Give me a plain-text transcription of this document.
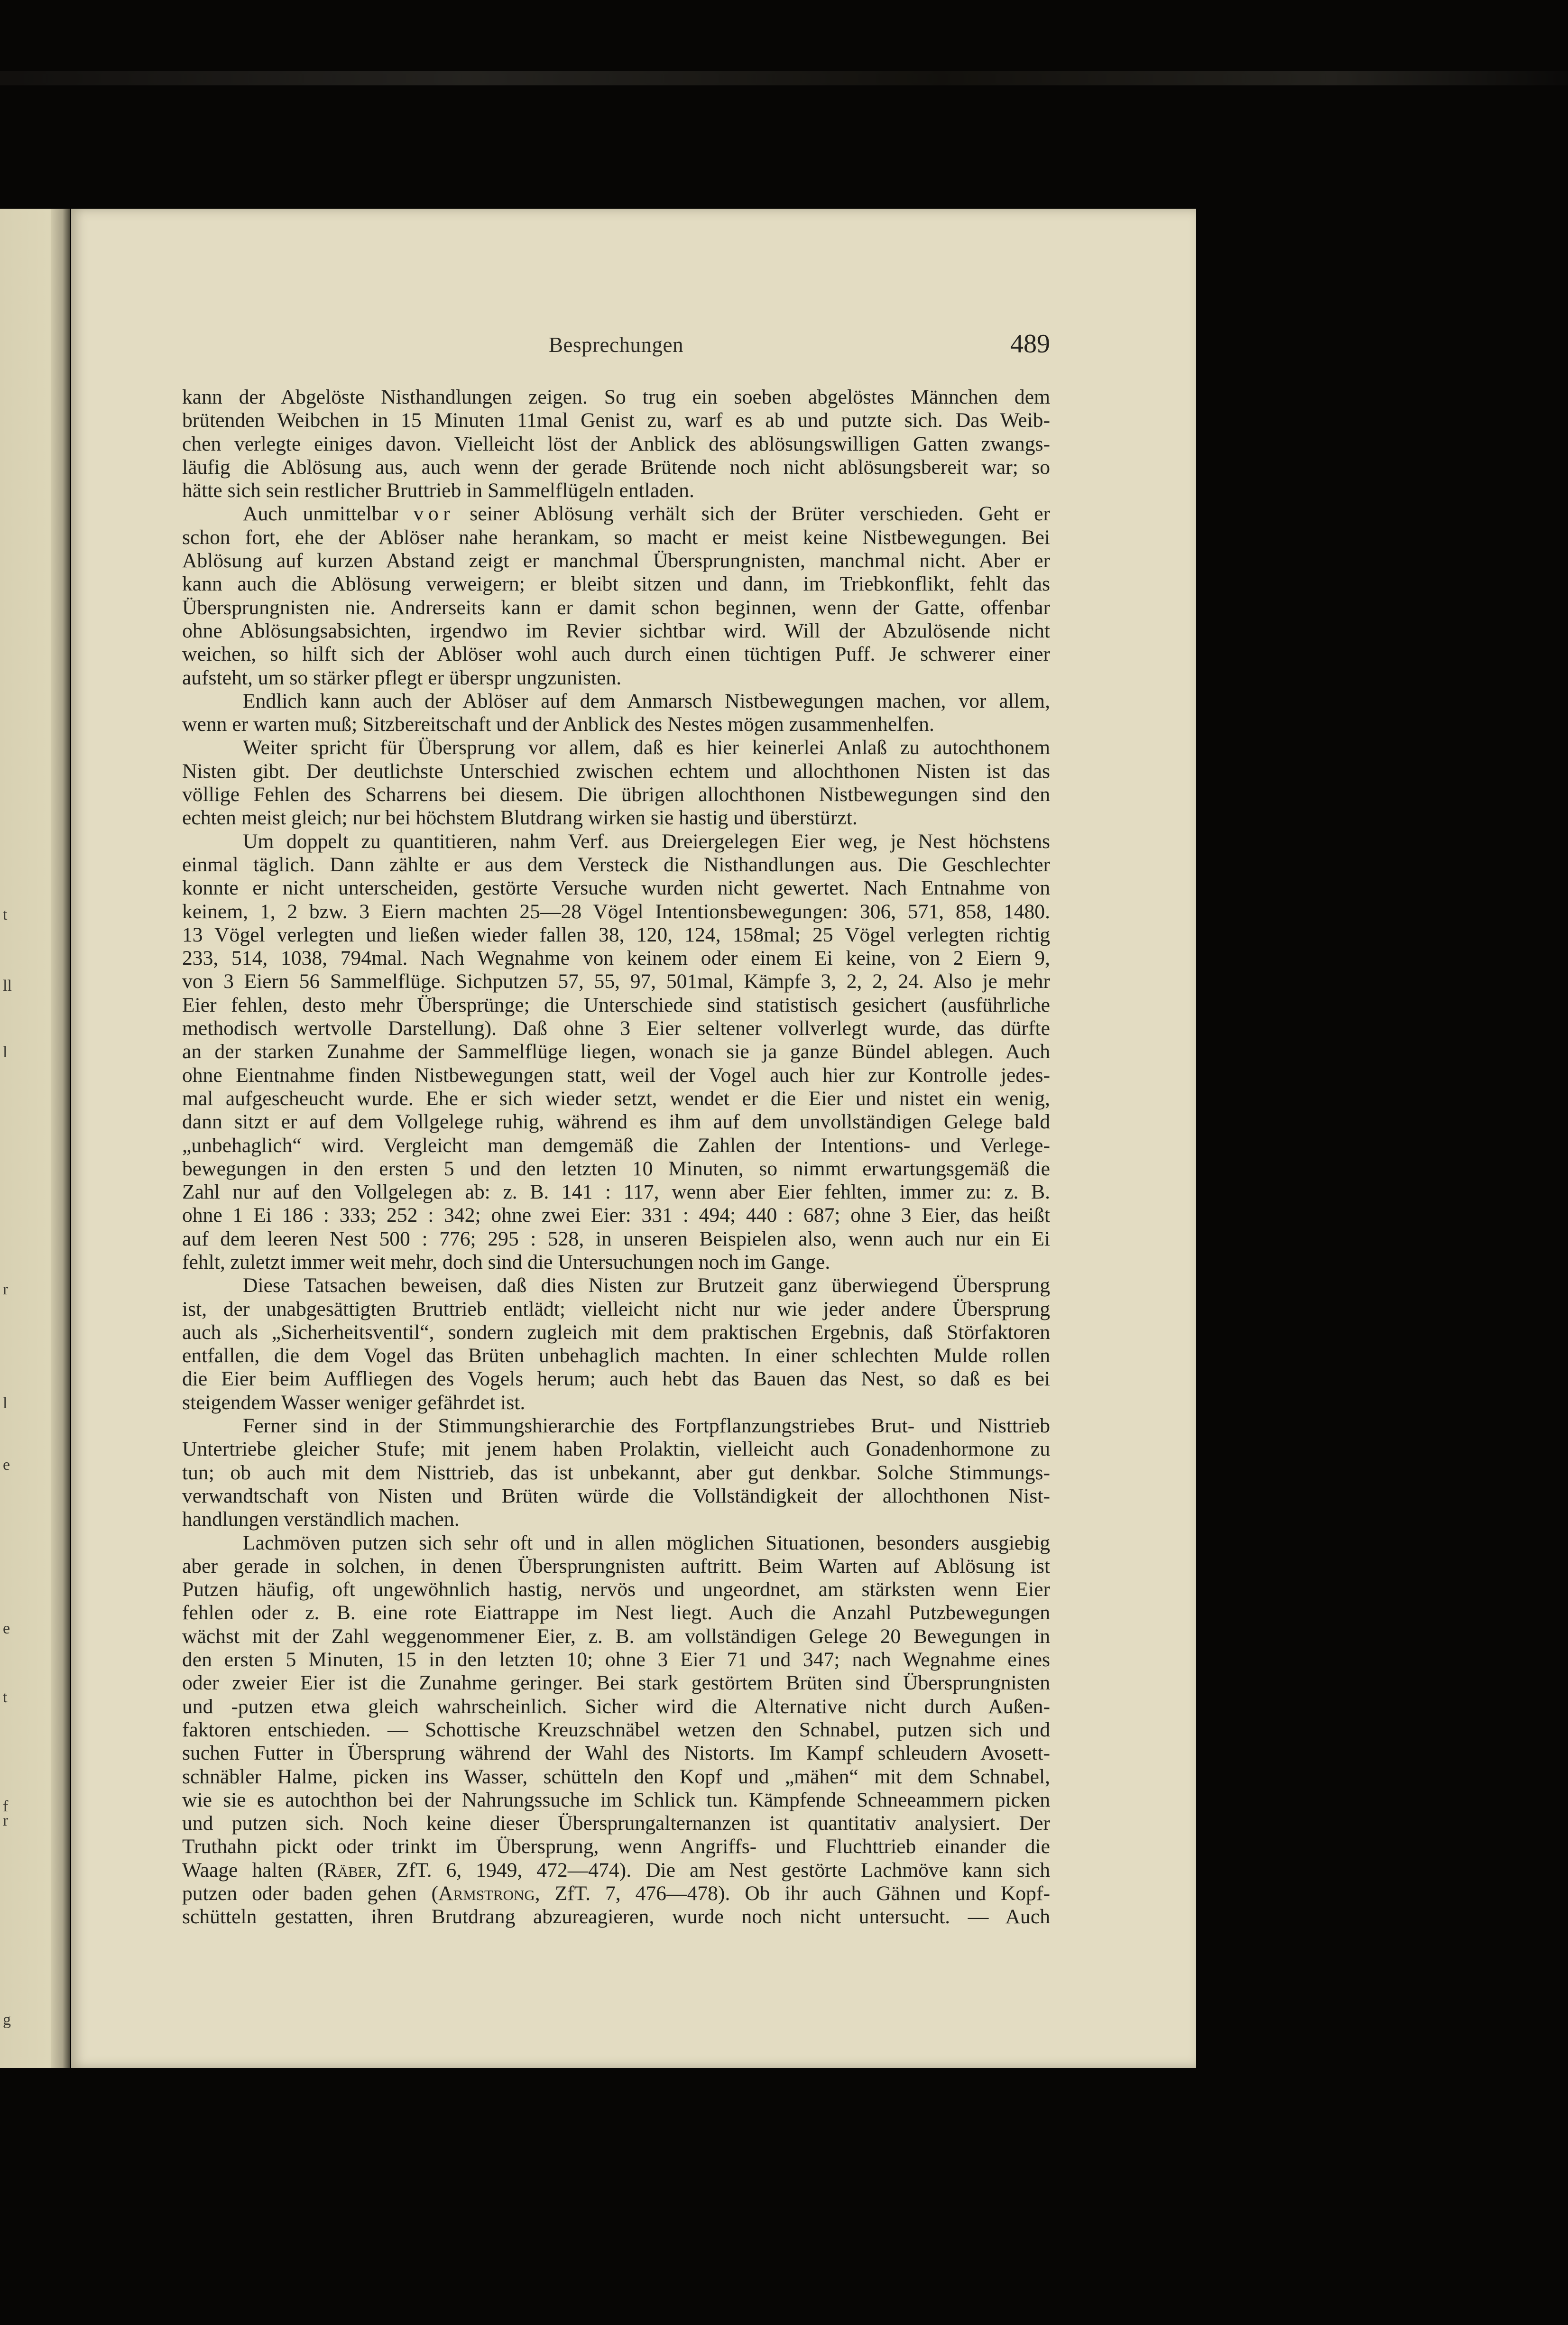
t
ll
l
r
l
e
e
t
f
r
g
Besprechungen	489

kann der Abgelöste Nisthandlungen zeigen. So trug ein soeben abgelöstes Männchen dem

brütenden Weibchen in 15 Minuten 11mal Genist zu, warf es ab und putzte sich. Das Weib-

chen verlegte einiges davon. Vielleicht löst der Anblick des ablösungswilligen Gatten zwangs-

läufig die Ablösung aus, auch wenn der gerade Brütende noch nicht ablösungsbereit war; so

hätte sich sein restlicher Bruttrieb in Sammelflügeln entladen.

Auch unmittelbar vor seiner Ablösung verhält sich der Brüter verschieden. Geht er

schon fort, ehe der Ablöser nahe herankam, so macht er meist keine Nistbewegungen. Bei

Ablösung auf kurzen Abstand zeigt er manchmal Übersprungnisten, manchmal nicht. Aber er

kann auch die Ablösung verweigern; er bleibt sitzen und dann, im Triebkonflikt, fehlt das

Übersprungnisten nie. Andrerseits kann er damit schon beginnen, wenn der Gatte, offenbar

ohne Ablösungsabsichten, irgendwo im Revier sichtbar wird. Will der Abzulösende nicht

weichen, so hilft sich der Ablöser wohl auch durch einen tüchtigen Puff. Je schwerer einer

aufsteht, um so stärker pflegt er überspr ungzunisten.

Endlich kann auch der Ablöser auf dem Anmarsch Nistbewegungen machen, vor allem,

wenn er warten muß; Sitzbereitschaft und der Anblick des Nestes mögen zusammenhelfen.

Weiter spricht für Übersprung vor allem, daß es hier keinerlei Anlaß zu autochthonem

Nisten gibt. Der deutlichste Unterschied zwischen echtem und allochthonen Nisten ist das

völlige Fehlen des Scharrens bei diesem. Die übrigen allochthonen Nistbewegungen sind den

echten meist gleich; nur bei höchstem Blutdrang wirken sie hastig und überstürzt.

Um doppelt zu quantitieren, nahm Verf. aus Dreiergelegen Eier weg, je Nest höchstens

einmal täglich. Dann zählte er aus dem Versteck die Nisthandlungen aus. Die Geschlechter

konnte er nicht unterscheiden, gestörte Versuche wurden nicht gewertet. Nach Entnahme von

keinem, 1, 2 bzw. 3 Eiern machten 25—28 Vögel Intentionsbewegungen: 306, 571, 858, 1480.

13 Vögel verlegten und ließen wieder fallen 38, 120, 124, 158mal; 25 Vögel verlegten richtig

233, 514, 1038, 794mal. Nach Wegnahme von keinem oder einem Ei keine, von 2 Eiern 9,

von 3 Eiern 56 Sammelflüge. Sichputzen 57, 55, 97, 501mal, Kämpfe 3, 2, 2, 24. Also je mehr

Eier fehlen, desto mehr Übersprünge; die Unterschiede sind statistisch gesichert (ausführliche

methodisch wertvolle Darstellung). Daß ohne 3 Eier seltener vollverlegt wurde, das dürfte

an der starken Zunahme der Sammelflüge liegen, wonach sie ja ganze Bündel ablegen. Auch

ohne Eientnahme finden Nistbewegungen statt, weil der Vogel auch hier zur Kontrolle jedes-

mal aufgescheucht wurde. Ehe er sich wieder setzt, wendet er die Eier und nistet ein wenig,

dann sitzt er auf dem Vollgelege ruhig, während es ihm auf dem unvollständigen Gelege bald

„unbehaglich“ wird. Vergleicht man demgemäß die Zahlen der Intentions- und Verlege-

bewegungen in den ersten 5 und den letzten 10 Minuten, so nimmt erwartungsgemäß die

Zahl nur auf den Vollgelegen ab: z. B. 141 : 117, wenn aber Eier fehlten, immer zu: z. B.

ohne 1 Ei 186 : 333; 252 : 342; ohne zwei Eier: 331 : 494; 440 : 687; ohne 3 Eier, das heißt

auf dem leeren Nest 500 : 776; 295 : 528, in unseren Beispielen also, wenn auch nur ein Ei

fehlt, zuletzt immer weit mehr, doch sind die Untersuchungen noch im Gange.

Diese Tatsachen beweisen, daß dies Nisten zur Brutzeit ganz überwiegend Übersprung

ist, der unabgesättigten Bruttrieb entlädt; vielleicht nicht nur wie jeder andere Übersprung

auch als „Sicherheitsventil“, sondern zugleich mit dem praktischen Ergebnis, daß Störfaktoren

entfallen, die dem Vogel das Brüten unbehaglich machten. In einer schlechten Mulde rollen

die Eier beim Auffliegen des Vogels herum; auch hebt das Bauen das Nest, so daß es bei

steigendem Wasser weniger gefährdet ist.

Ferner sind in der Stimmungshierarchie des Fortpflanzungstriebes Brut- und Nisttrieb

Untertriebe gleicher Stufe; mit jenem haben Prolaktin, vielleicht auch Gonadenhormone zu

tun; ob auch mit dem Nisttrieb, das ist unbekannt, aber gut denkbar. Solche Stimmungs-

verwandtschaft von Nisten und Brüten würde die Vollständigkeit der allochthonen Nist-

handlungen verständlich machen.

Lachmöven putzen sich sehr oft und in allen möglichen Situationen, besonders ausgiebig

aber gerade in solchen, in denen Übersprungnisten auftritt. Beim Warten auf Ablösung ist

Putzen häufig, oft ungewöhnlich hastig, nervös und ungeordnet, am stärksten wenn Eier

fehlen oder z. B. eine rote Eiattrappe im Nest liegt. Auch die Anzahl Putzbewegungen

wächst mit der Zahl weggenommener Eier, z. B. am vollständigen Gelege 20 Bewegungen in

den ersten 5 Minuten, 15 in den letzten 10; ohne 3 Eier 71 und 347; nach Wegnahme eines

oder zweier Eier ist die Zunahme geringer. Bei stark gestörtem Brüten sind Übersprungnisten

und -putzen etwa gleich wahrscheinlich. Sicher wird die Alternative nicht durch Außen-

faktoren entschieden. — Schottische Kreuzschnäbel wetzen den Schnabel, putzen sich und

suchen Futter in Übersprung während der Wahl des Nistorts. Im Kampf schleudern Avosett-

schnäbler Halme, picken ins Wasser, schütteln den Kopf und „mähen“ mit dem Schnabel,

wie sie es autochthon bei der Nahrungssuche im Schlick tun. Kämpfende Schneeammern picken

und putzen sich. Noch keine dieser Übersprungalternanzen ist quantitativ analysiert. Der

Truthahn pickt oder trinkt im Übersprung, wenn Angriffs- und Fluchttrieb einander die

Waage halten (Räber, ZfT. 6, 1949, 472—474). Die am Nest gestörte Lachmöve kann sich

putzen oder baden gehen (Armstrong, ZfT. 7, 476—478). Ob ihr auch Gähnen und Kopf-

schütteln gestatten, ihren Brutdrang abzureagieren, wurde noch nicht untersucht. — Auch
